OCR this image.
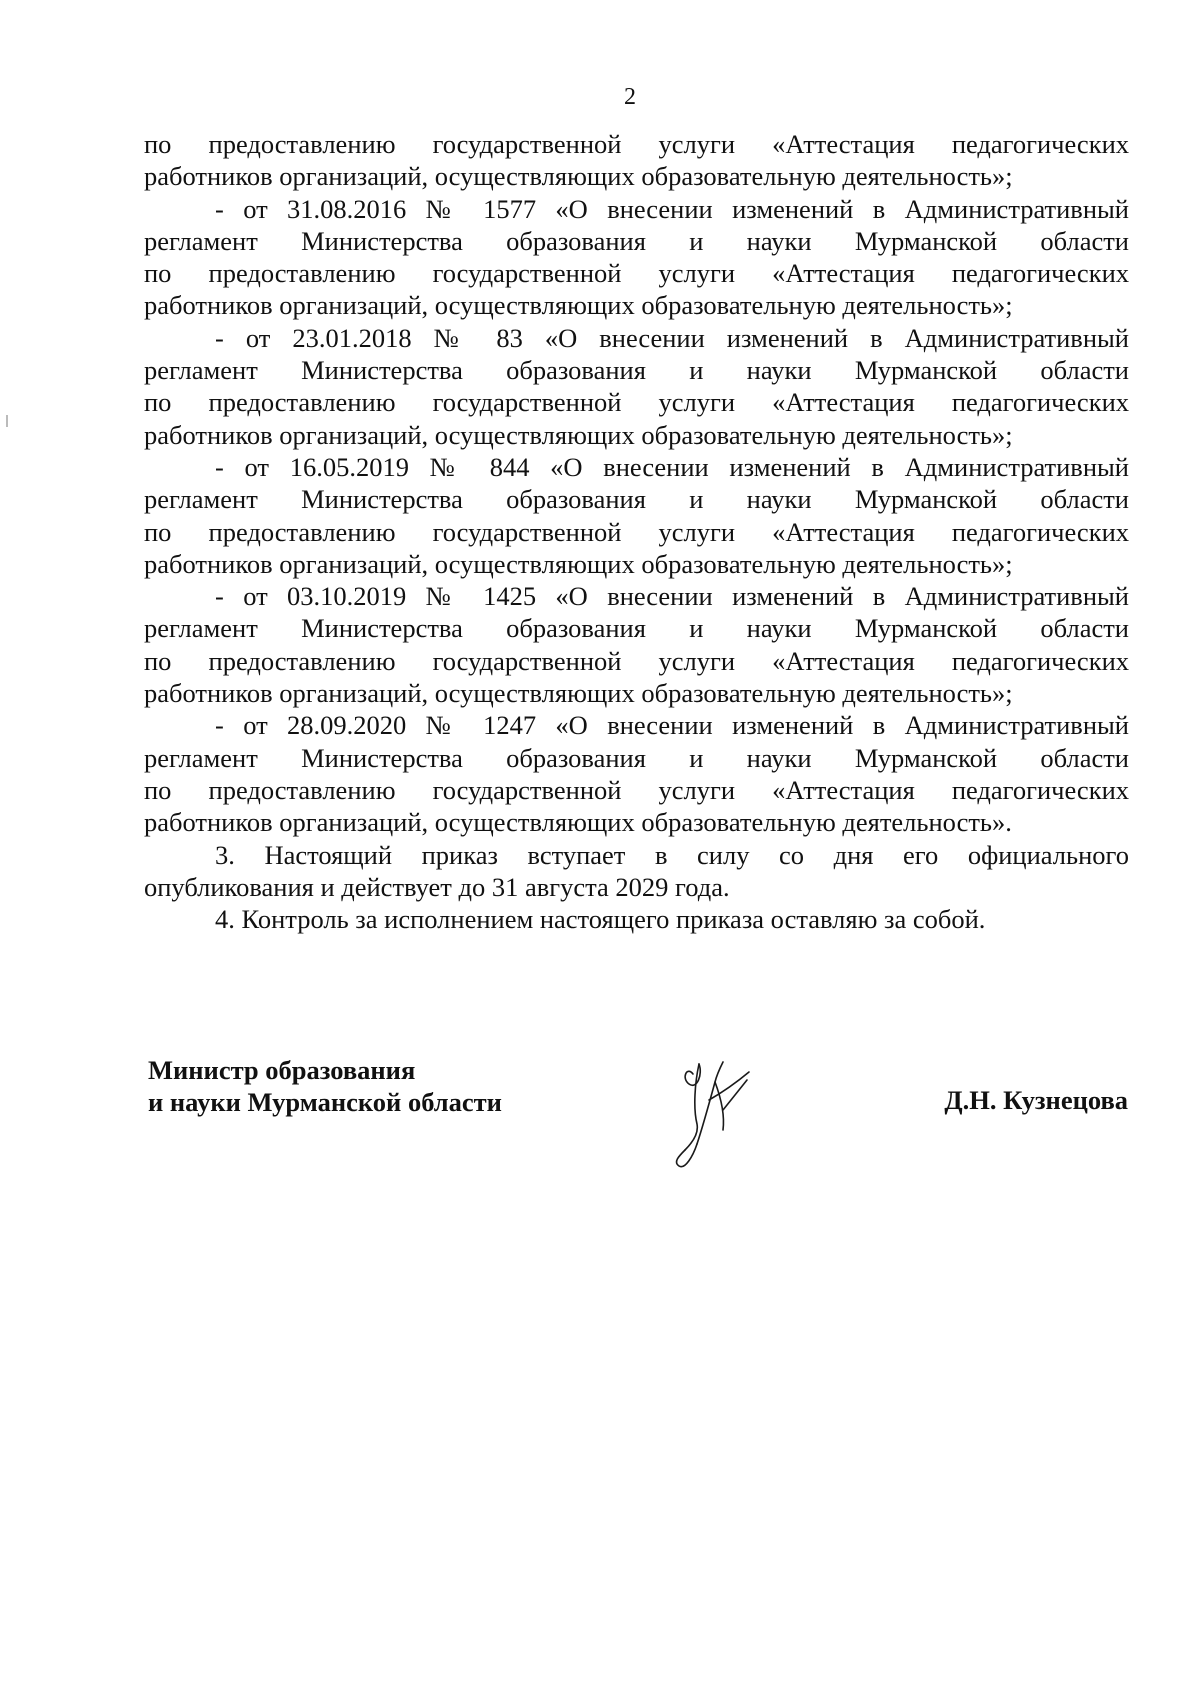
2

по предоставлению государственной услуги «Аттестация педагогических
работников организаций, осуществляющих образовательную деятельность»;

- от 31.08.2016 № 1577 «О внесении изменений в Административный
регламент Министерства образования и науки Мурманской области
по предоставлению государственной услуги «Аттестация педагогических
работников организаций, осуществляющих образовательную деятельность»;

- от 23.01.2018 № 83 «О внесении изменений в Административный
регламент Министерства образования и науки Мурманской области
по предоставлению государственной услуги «Аттестация педагогических
работников организаций, осуществляющих образовательную деятельность»;

- от 16.05.2019 № 844 «О внесении изменений в Административный
регламент Министерства образования и науки Мурманской области
по предоставлению государственной услуги «Аттестация педагогических
работников организаций, осуществляющих образовательную деятельность»;

- от 03.10.2019 № 1425 «О внесении изменений в Административный
регламент Министерства образования и науки Мурманской области
по предоставлению государственной услуги «Аттестация педагогических
работников организаций, осуществляющих образовательную деятельность»;

- от 28.09.2020 № 1247 «О внесении изменений в Административный
регламент Министерства образования и науки Мурманской области
по предоставлению государственной услуги «Аттестация педагогических
работников организаций, осуществляющих образовательную деятельность».

3. Настоящий приказ вступает в силу со дня его официального
опубликования и действует до 31 августа 2029 года.

4. Контроль за исполнением настоящего приказа оставляю за собой.

Министр образования
и науки Мурманской области	Д.Н. Кузнецова
